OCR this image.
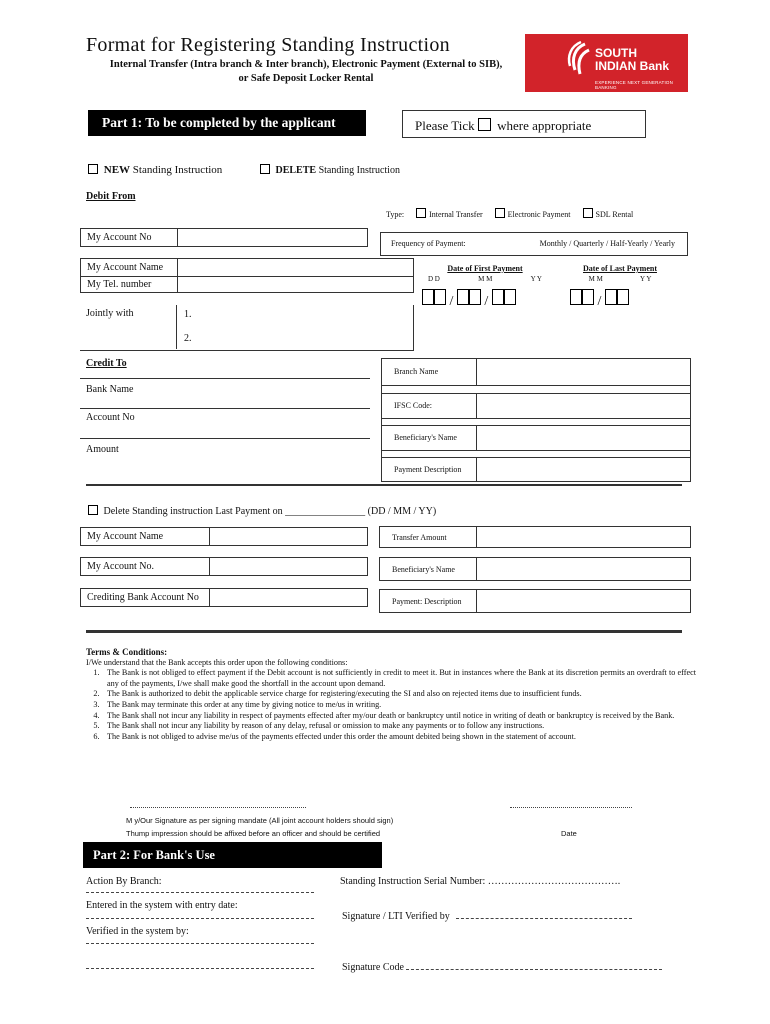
Format for Registering Standing Instruction
Internal Transfer (Intra branch & Inter branch), Electronic Payment (External to SIB),
or Safe Deposit Locker Rental
SOUTH
INDIAN Bank
EXPERIENCE NEXT GENERATION BANKING
Part 1: To be completed by the applicant	Please Tick where appropriate
NEW Standing Instruction	DELETE Standing Instruction
Debit From
Type:	Internal Transfer	Electronic Payment	SDL Rental
My Account No
Frequency of Payment:	Monthly / Quarterly / Half-Yearly / Yearly
My Account Name
My Tel. number
Jointly with	1.
2.
Date of First Payment
D D	M M	Y Y
/ /
Date of Last Payment
M M	Y Y
/
Credit To
Bank Name
Account No
Amount
Branch Name
IFSC Code:
Beneficiary's Name
Payment Description
Delete Standing instruction Last Payment on ________________ (DD / MM / YY)
My Account Name
My Account No.
Crediting Bank Account No
Transfer Amount
Beneficiary's Name
Payment: Description
Terms & Conditions:
I/We understand that the Bank accepts this order upon the following conditions:
1. The Bank is not obliged to effect payment if the Debit account is not sufficiently in credit to meet it. But in instances where the Bank at its discretion permits an overdraft to effect any of the payments, I/we shall make good the shortfall in the account upon demand.
2. The Bank is authorized to debit the applicable service charge for registering/executing the SI and also on rejected items due to insufficient funds.
3. The Bank may terminate this order at any time by giving notice to me/us in writing.
4. The Bank shall not incur any liability in respect of payments effected after my/our death or bankruptcy until notice in writing of death or bankruptcy is received by the Bank.
5. The Bank shall not incur any liability by reason of any delay, refusal or omission to make any payments or to follow any instructions.
6. The Bank is not obliged to advise me/us of the payments effected under this order the amount debited being shown in the statement of account.
M y/Our Signature as per signing mandate (All joint account holders should sign)
Thump impression should be affixed before an officer and should be certified	Date
Part 2: For Bank's Use
Action By Branch:
Entered in the system with entry date:
Verified in the system by:
Standing Instruction Serial Number: ………………………………….
Signature / LTI Verified by
Signature Code
